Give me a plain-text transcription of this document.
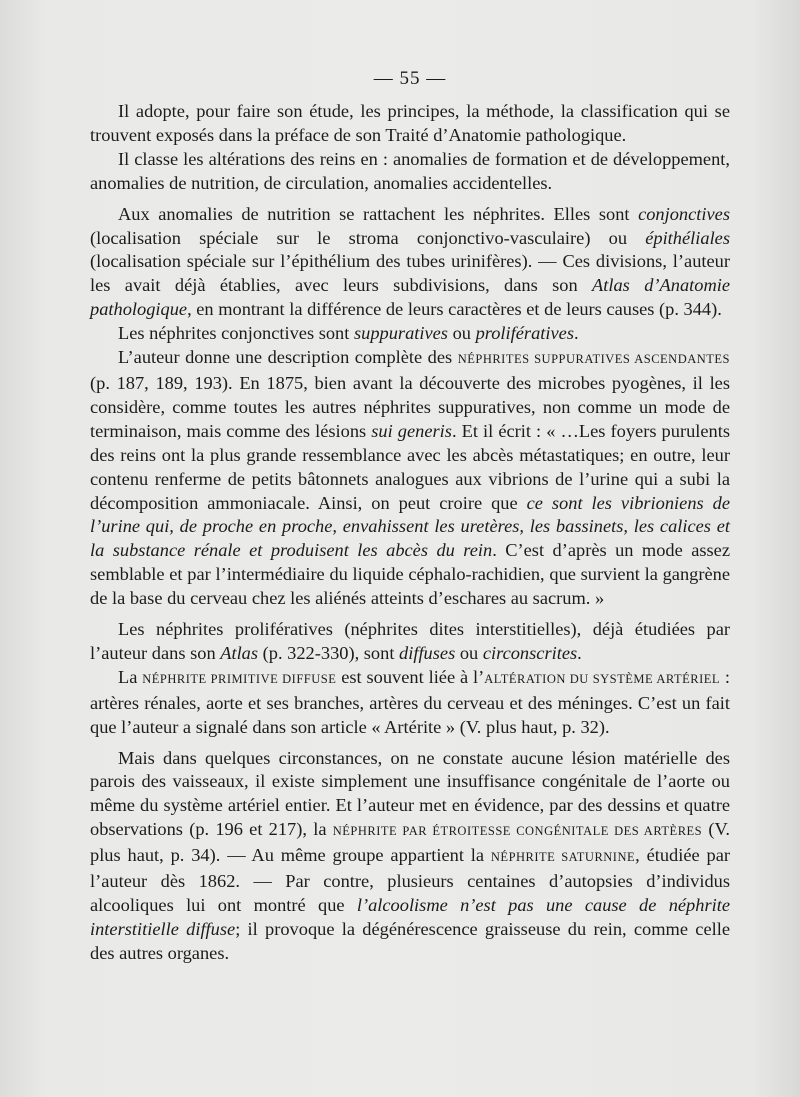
— 55 —

Il adopte, pour faire son étude, les principes, la méthode, la classification qui se trouvent exposés dans la préface de son Traité d’Anatomie pathologique.

Il classe les altérations des reins en : anomalies de formation et de développement, anomalies de nutrition, de circulation, anomalies accidentelles.

Aux anomalies de nutrition se rattachent les néphrites. Elles sont conjonctives (localisation spéciale sur le stroma conjonctivo-vasculaire) ou épithéliales (localisation spéciale sur l’épithélium des tubes urinifères). — Ces divisions, l’auteur les avait déjà établies, avec leurs subdivisions, dans son Atlas d’Anatomie pathologique, en montrant la différence de leurs caractères et de leurs causes (p. 344).

Les néphrites conjonctives sont suppuratives ou prolifératives.

L’auteur donne une description complète des NÉPHRITES SUPPURATIVES ASCENDANTES (p. 187, 189, 193). En 1875, bien avant la découverte des microbes pyogènes, il les considère, comme toutes les autres néphrites suppuratives, non comme un mode de terminaison, mais comme des lésions sui generis. Et il écrit : « …Les foyers purulents des reins ont la plus grande ressemblance avec les abcès métastatiques; en outre, leur contenu renferme de petits bâtonnets analogues aux vibrions de l’urine qui a subi la décomposition ammoniacale. Ainsi, on peut croire que ce sont les vibrioniens de l’urine qui, de proche en proche, envahissent les uretères, les bassinets, les calices et la substance rénale et produisent les abcès du rein. C’est d’après un mode assez semblable et par l’intermédiaire du liquide céphalo-rachidien, que survient la gangrène de la base du cerveau chez les aliénés atteints d’eschares au sacrum. »

Les néphrites prolifératives (néphrites dites interstitielles), déjà étudiées par l’auteur dans son Atlas (p. 322-330), sont diffuses ou circonscrites.

La NÉPHRITE PRIMITIVE DIFFUSE est souvent liée à l’ALTÉRATION DU SYSTÈME ARTÉRIEL : artères rénales, aorte et ses branches, artères du cerveau et des méninges. C’est un fait que l’auteur a signalé dans son article « Artérite » (V. plus haut, p. 32).

Mais dans quelques circonstances, on ne constate aucune lésion matérielle des parois des vaisseaux, il existe simplement une insuffisance congénitale de l’aorte ou même du système artériel entier. Et l’auteur met en évidence, par des dessins et quatre observations (p. 196 et 217), la NÉPHRITE PAR ÉTROITESSE CONGÉNITALE DES ARTÈRES (V. plus haut, p. 34). — Au même groupe appartient la NÉPHRITE SATURNINE, étudiée par l’auteur dès 1862. — Par contre, plusieurs centaines d’autopsies d’individus alcooliques lui ont montré que l’alcoolisme n’est pas une cause de néphrite interstitielle diffuse; il provoque la dégénérescence graisseuse du rein, comme celle des autres organes.
